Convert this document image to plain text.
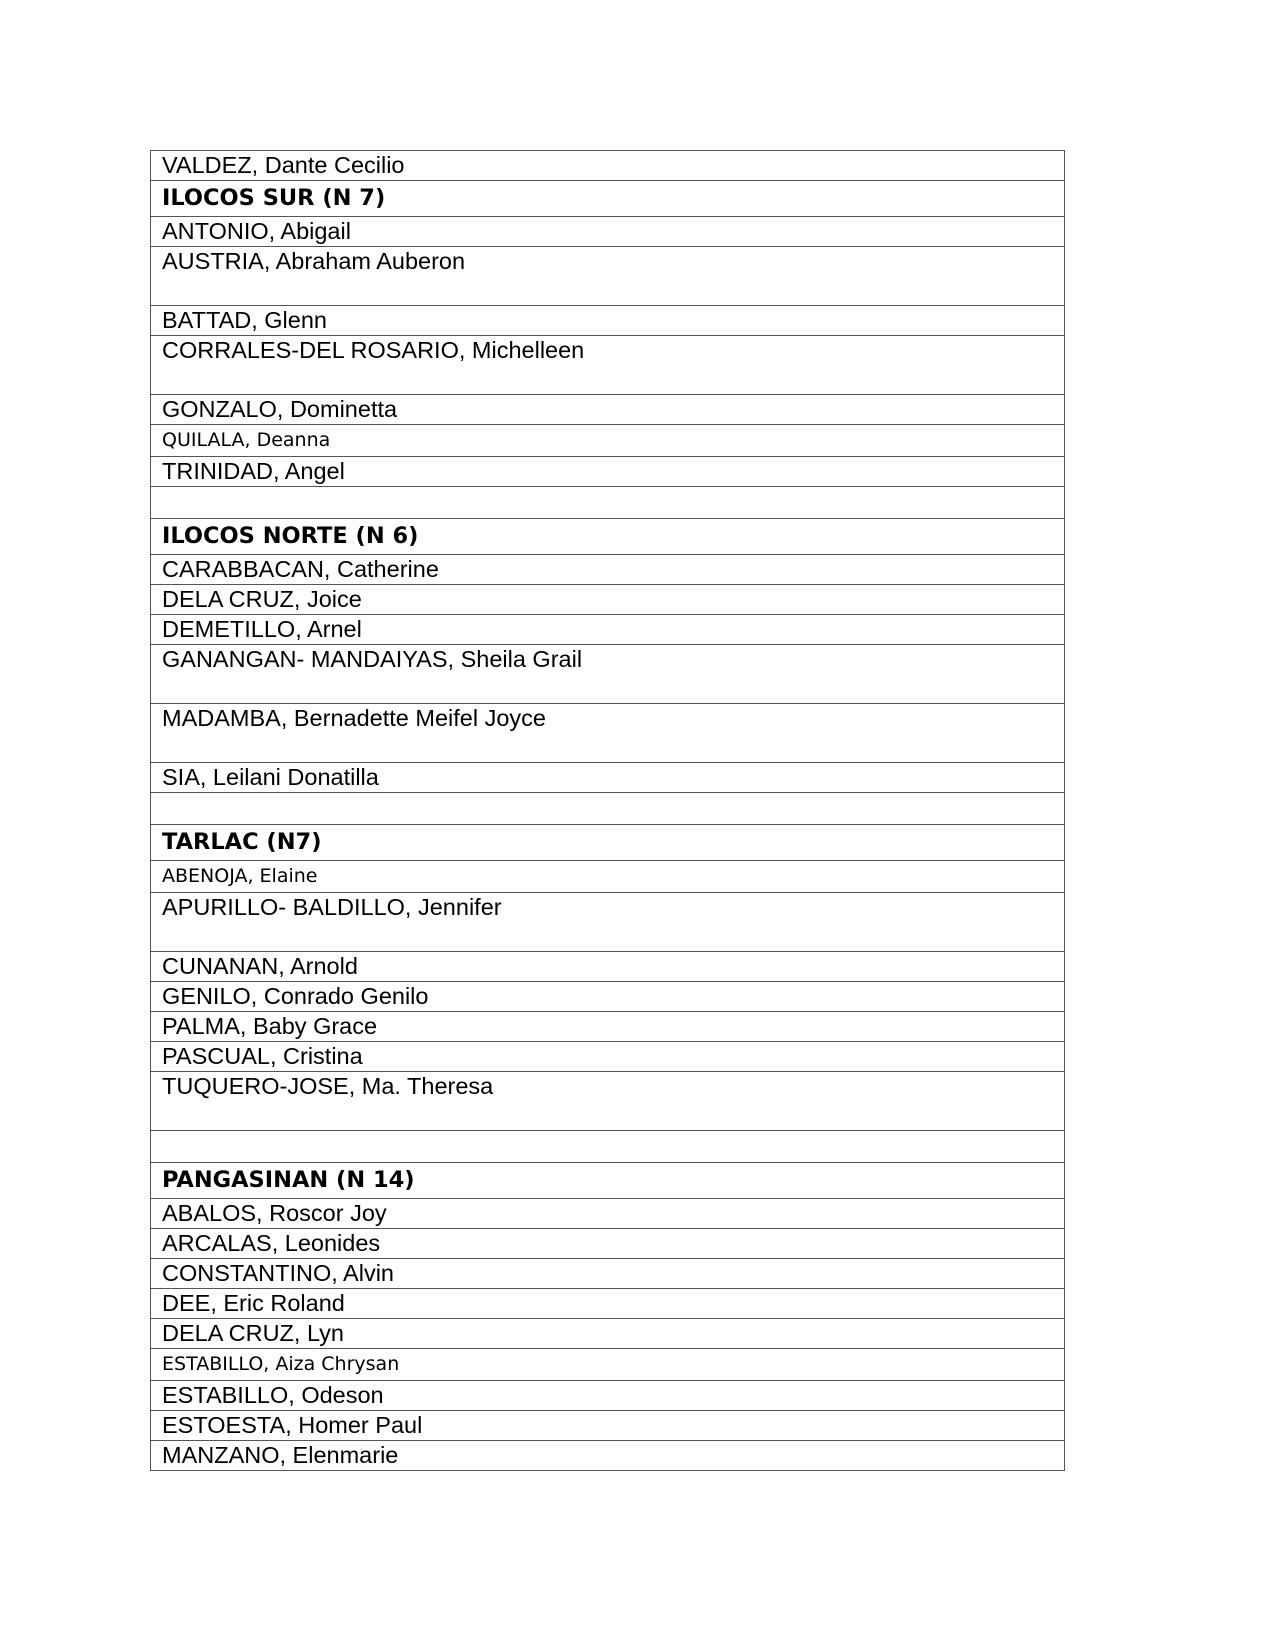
VALDEZ, Dante Cecilio
ILOCOS SUR (N 7)
ANTONIO, Abigail
AUSTRIA, Abraham Auberon
BATTAD, Glenn
CORRALES-DEL ROSARIO, Michelleen
GONZALO, Dominetta
QUILALA, Deanna
TRINIDAD, Angel

ILOCOS NORTE (N 6)
CARABBACAN, Catherine
DELA CRUZ, Joice
DEMETILLO, Arnel
GANANGAN- MANDAIYAS, Sheila Grail
MADAMBA, Bernadette Meifel Joyce
SIA, Leilani Donatilla

TARLAC (N7)
ABENOJA, Elaine
APURILLO- BALDILLO, Jennifer
CUNANAN, Arnold
GENILO, Conrado Genilo
PALMA, Baby Grace
PASCUAL, Cristina
TUQUERO-JOSE, Ma. Theresa

PANGASINAN (N 14)
ABALOS, Roscor Joy
ARCALAS, Leonides
CONSTANTINO, Alvin
DEE, Eric Roland
DELA CRUZ, Lyn
ESTABILLO, Aiza Chrysan
ESTABILLO, Odeson
ESTOESTA, Homer Paul
MANZANO, Elenmarie
